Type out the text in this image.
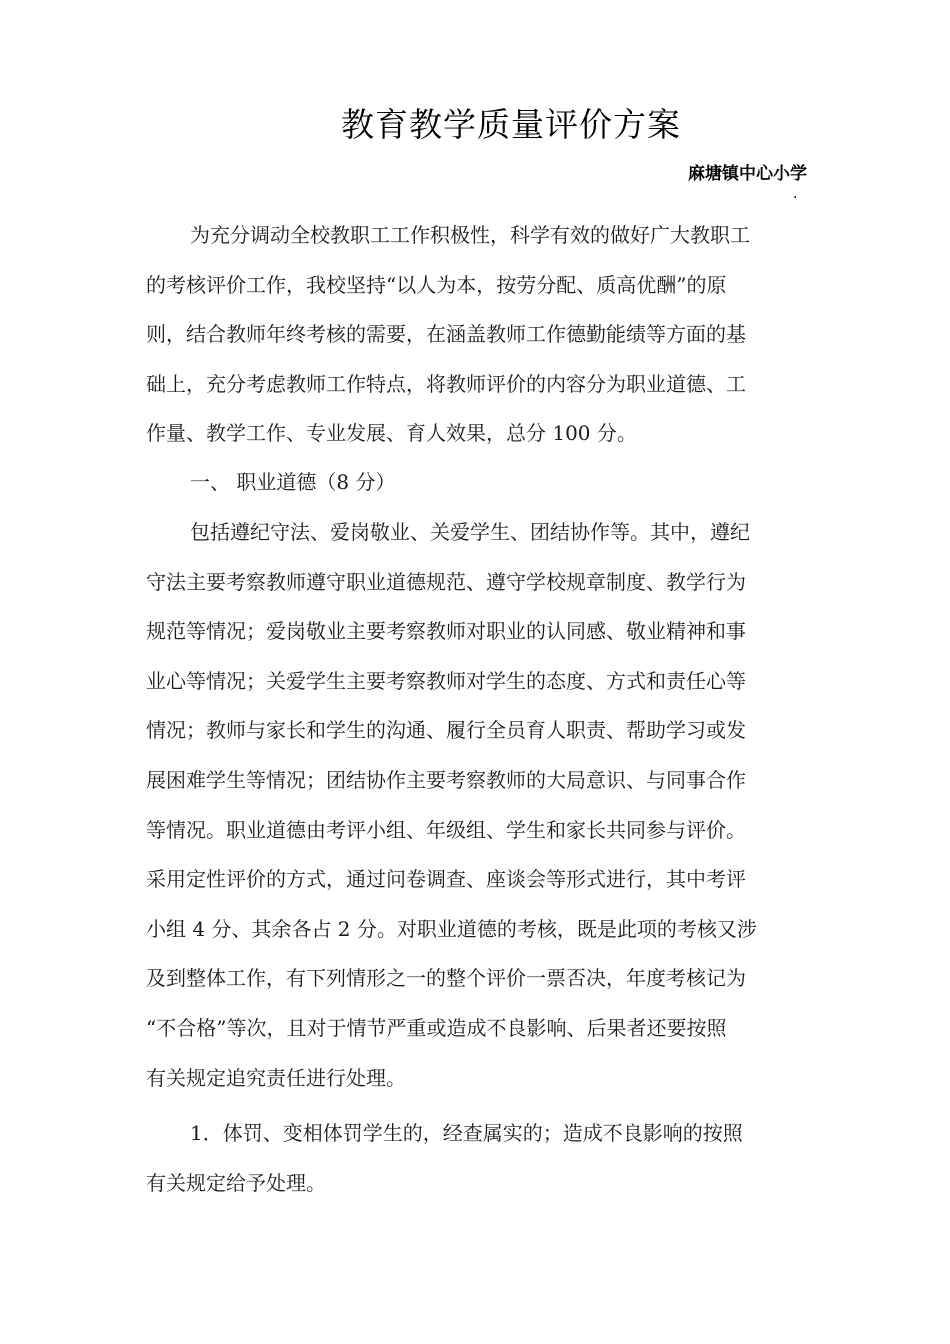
教育教学质量评价方案
麻塘镇中心小学
·
为充分调动全校教职工工作积极性，科学有效的做好广大教职工
的考核评价工作，我校坚持“以人为本，按劳分配、质高优酬”的原
则，结合教师年终考核的需要，在涵盖教师工作德勤能绩等方面的基
础上，充分考虑教师工作特点，将教师评价的内容分为职业道德、工
作量、教学工作、专业发展、育人效果，总分 100 分。
一、 职业道德（8 分）
包括遵纪守法、爱岗敬业、关爱学生、团结协作等。其中，遵纪
守法主要考察教师遵守职业道德规范、遵守学校规章制度、教学行为
规范等情况；爱岗敬业主要考察教师对职业的认同感、敬业精神和事
业心等情况；关爱学生主要考察教师对学生的态度、方式和责任心等
情况；教师与家长和学生的沟通、履行全员育人职责、帮助学习或发
展困难学生等情况；团结协作主要考察教师的大局意识、与同事合作
等情况。职业道德由考评小组、年级组、学生和家长共同参与评价。
采用定性评价的方式，通过问卷调查、座谈会等形式进行，其中考评
小组 4 分、其余各占 2 分。对职业道德的考核，既是此项的考核又涉
及到整体工作，有下列情形之一的整个评价一票否决，年度考核记为
“不合格”等次，且对于情节严重或造成不良影响、后果者还要按照
有关规定追究责任进行处理。
1．体罚、变相体罚学生的，经查属实的；造成不良影响的按照
有关规定给予处理。
